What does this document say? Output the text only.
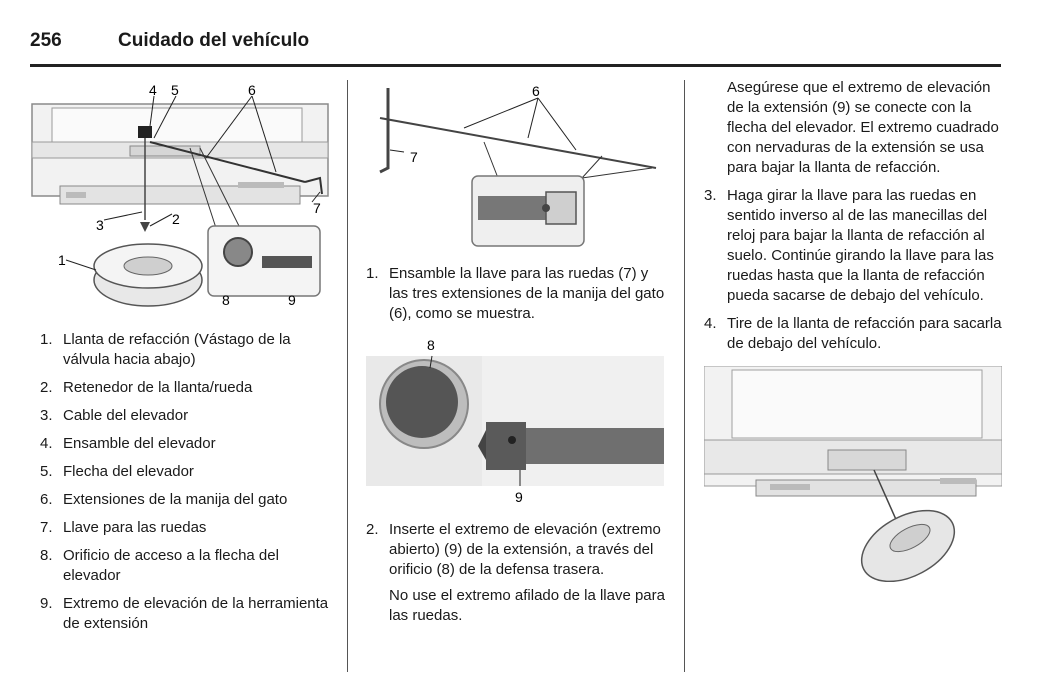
256	Cuidado del vehículo
4 5	6
7
3	2
1
8	9
1. Llanta de refacción (Vástago de la válvula hacia abajo)
2. Retenedor de la llanta/rueda
3. Cable del elevador
4. Ensamble del elevador
5. Flecha del elevador
6. Extensiones de la manija del gato
7. Llave para las ruedas
8. Orificio de acceso a la flecha del elevador
9. Extremo de elevación de la herramienta de extensión
7
6
1. Ensamble la llave para las ruedas (7) y las tres extensiones de la manija del gato (6), como se muestra.
8
9
2. Inserte el extremo de elevación (extremo abierto) (9) de la extensión, a través del orificio (8) de la defensa trasera.
No use el extremo afilado de la llave para las ruedas.
Asegúrese que el extremo de elevación de la extensión (9) se conecte con la flecha del elevador. El extremo cuadrado con nervaduras de la extensión se usa para bajar la llanta de refacción.
3. Haga girar la llave para las ruedas en sentido inverso al de las manecillas del reloj para bajar la llanta de refacción al suelo. Continúe girando la llave para las ruedas hasta que la llanta de refacción pueda sacarse de debajo del vehículo.
4. Tire de la llanta de refacción para sacarla de debajo del vehículo.
